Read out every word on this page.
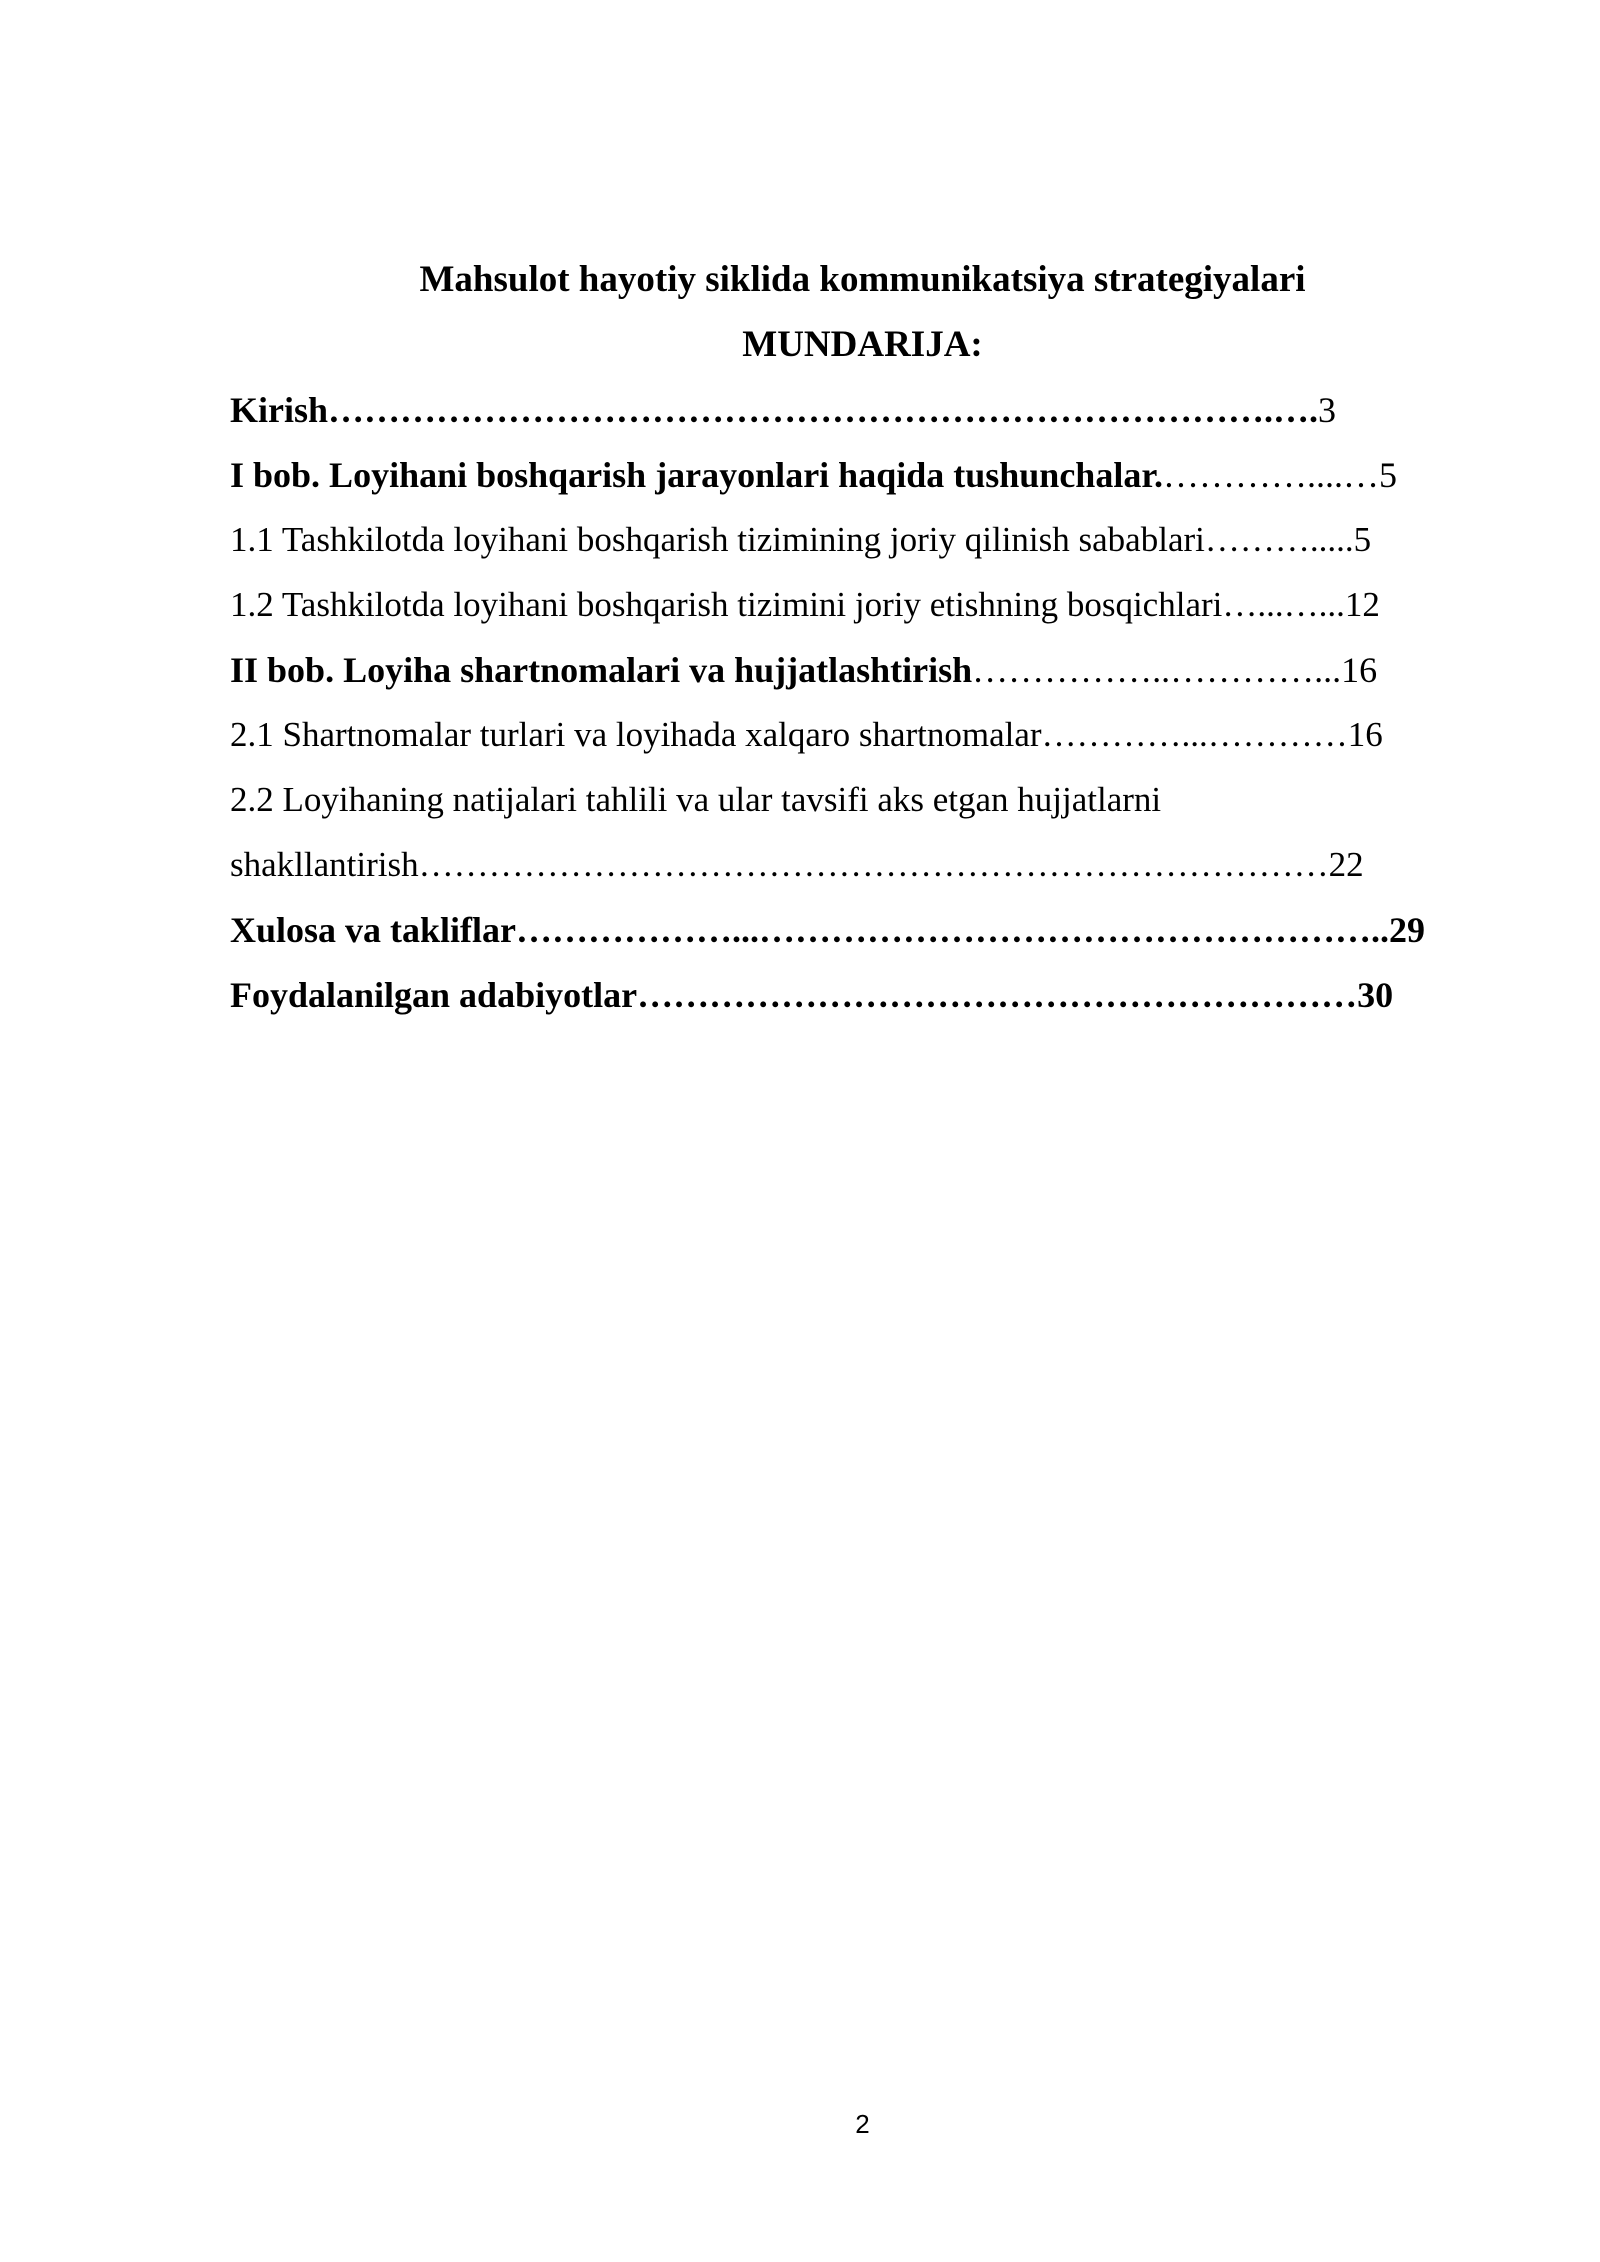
Mahsulot hayotiy siklida kommunikatsiya strategiyalari
MUNDARIJA:
Kirish…………………………………………………………………….….3
I bob. Loyihani boshqarish jarayonlari haqida tushunchalar.…………....…5
1.1 Tashkilotda loyihani boshqarish tizimining joriy qilinish sabablari……….....5
1.2 Tashkilotda loyihani boshqarish tizimini joriy etishning bosqichlari…...…...12
II bob. Loyiha shartnomalari va hujjatlashtirish……………..…………...16
2.1 Shartnomalar turlari va loyihada xalqaro shartnomalar…………...…………16
2.2 Loyihaning natijalari tahlili va ular tavsifi aks etgan hujjatlarni
shakllantirish……………………………………………………………………22
Xulosa va takliflar………………...……………………………………………..29
Foydalanilgan adabiyotlar……………………………………………………30
2
